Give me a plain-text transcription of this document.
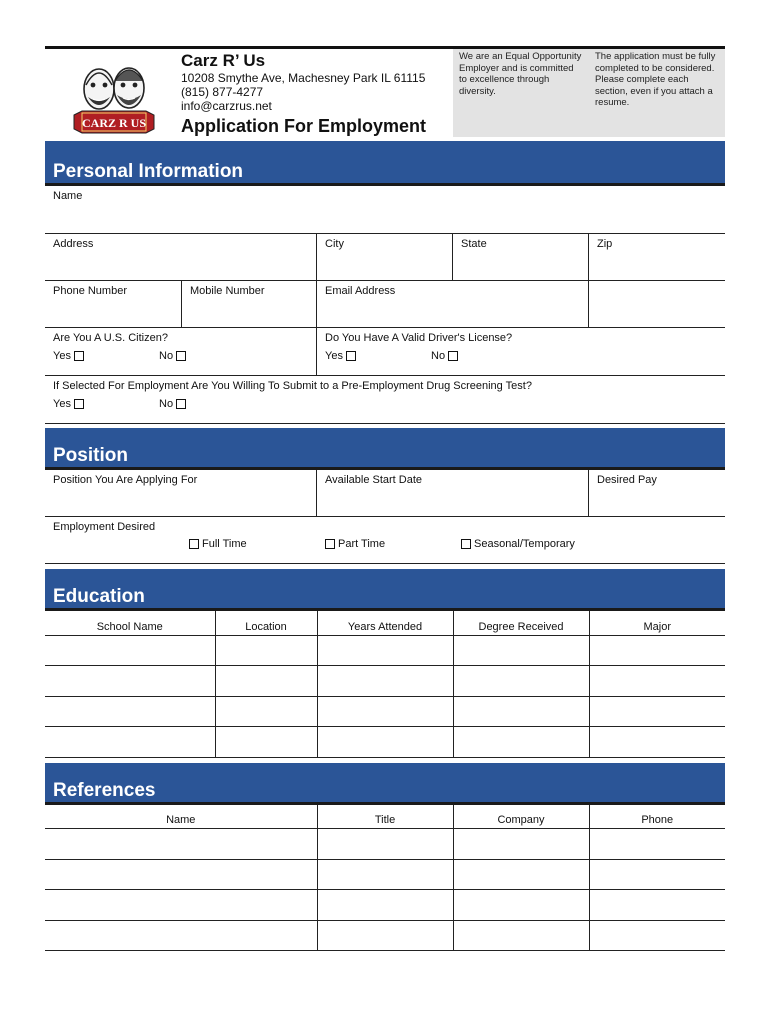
CARZ R US
Carz R’ Us
10208 Smythe Ave, Machesney Park IL 61115
(815) 877-4277
info@carzrus.net
Application For Employment
We are an Equal Opportunity Employer and is committed to excellence through diversity.
The application must be fully completed to be considered. Please complete each section, even if you attach a resume.
Personal Information
Name
Address	City	State	Zip
Phone Number	Mobile Number	Email Address
Are You A U.S. Citizen?
Yes	No
Do You Have A Valid Driver's License?
Yes	No
If Selected For Employment Are You Willing To Submit to a Pre-Employment Drug Screening Test?
Yes	No
Position
Position You Are Applying For	Available Start Date	Desired Pay
Employment Desired
Full Time	Part Time	Seasonal/Temporary
Education
School Name	Location	Years Attended	Degree Received	Major

References
Name	Title	Company	Phone
